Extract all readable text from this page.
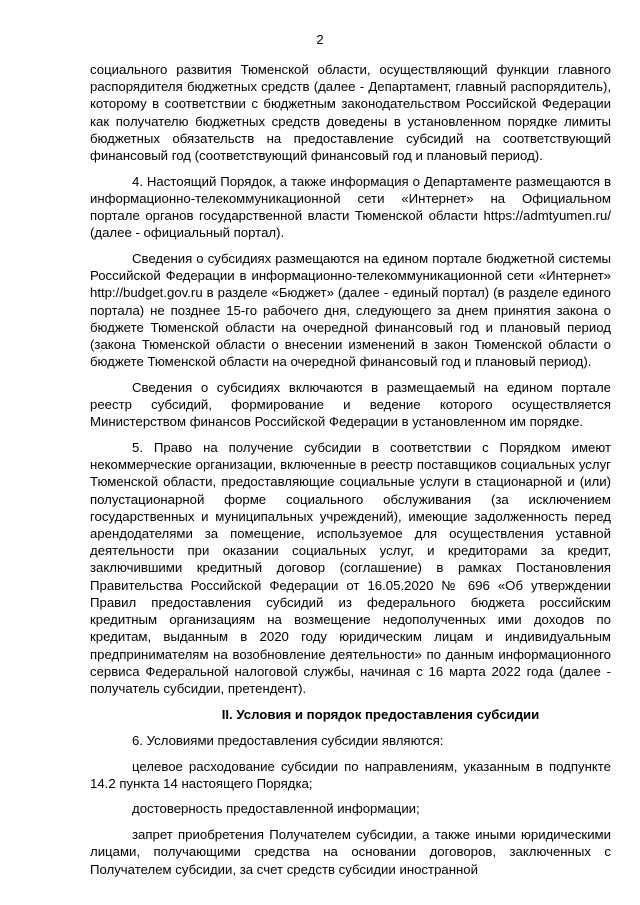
2

социального развития Тюменской области, осуществляющий функции главного распорядителя бюджетных средств (далее - Департамент, главный распорядитель), которому в соответствии с бюджетным законодательством Российской Федерации как получателю бюджетных средств доведены в установленном порядке лимиты бюджетных обязательств на предоставление субсидий на соответствующий финансовый год (соответствующий финансовый год и плановый период).

4. Настоящий Порядок, а также информация о Департаменте размещаются в информационно-телекоммуникационной сети «Интернет» на Официальном портале органов государственной власти Тюменской области https://admtyumen.ru/ (далее - официальный портал).

Сведения о субсидиях размещаются на едином портале бюджетной системы Российской Федерации в информационно-телекоммуникационной сети «Интернет» http://budget.gov.ru в разделе «Бюджет» (далее - единый портал) (в разделе единого портала) не позднее 15-го рабочего дня, следующего за днем принятия закона о бюджете Тюменской области на очередной финансовый год и плановый период (закона Тюменской области о внесении изменений в закон Тюменской области о бюджете Тюменской области на очередной финансовый год и плановый период).

Сведения о субсидиях включаются в размещаемый на едином портале реестр субсидий, формирование и ведение которого осуществляется Министерством финансов Российской Федерации в установленном им порядке.

5. Право на получение субсидии в соответствии с Порядком имеют некоммерческие организации, включенные в реестр поставщиков социальных услуг Тюменской области, предоставляющие социальные услуги в стационарной и (или) полустационарной форме социального обслуживания (за исключением государственных и муниципальных учреждений), имеющие задолженность перед арендодателями за помещение, используемое для осуществления уставной деятельности при оказании социальных услуг, и кредиторами за кредит, заключившими кредитный договор (соглашение) в рамках Постановления Правительства Российской Федерации от 16.05.2020 № 696 «Об утверждении Правил предоставления субсидий из федерального бюджета российским кредитным организациям на возмещение недополученных ими доходов по кредитам, выданным в 2020 году юридическим лицам и индивидуальным предпринимателям на возобновление деятельности» по данным информационного сервиса Федеральной налоговой службы, начиная с 16 марта 2022 года (далее - получатель субсидии, претендент).

II. Условия и порядок предоставления субсидии

6. Условиями предоставления субсидии являются:

целевое расходование субсидии по направлениям, указанным в подпункте 14.2 пункта 14 настоящего Порядка;

достоверность предоставленной информации;

запрет приобретения Получателем субсидии, а также иными юридическими лицами, получающими средства на основании договоров, заключенных с Получателем субсидии, за счет средств субсидии иностранной
